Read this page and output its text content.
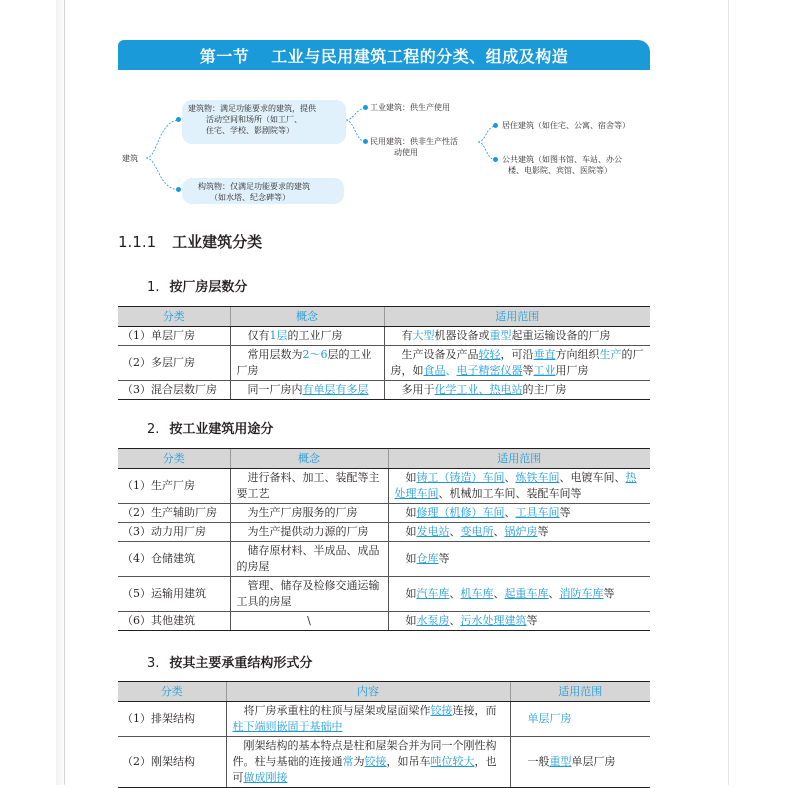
第一节 工业与民用建筑工程的分类、组成及构造
建筑
建筑物：满足功能要求的建筑，提供
活动空间和场所（如工厂、
住宅、学校、影剧院等）
构筑物：仅满足功能要求的建筑
（如水塔、纪念碑等）
工业建筑：供生产使用
民用建筑：供非生产性活
动使用
居住建筑（如住宅、公寓、宿舍等）
公共建筑（如图书馆、车站、办公
楼、电影院、宾馆、医院等）
1.1.1 工业建筑分类
1. 按厂房层数分
分类	概念	适用范围
（1）单层厂房	 仅有1层的工业厂房	 有大型机器设备或重型起重运输设备的厂房
（2）多层厂房	 常用层数为2～6层的工业厂房	 生产设备及产品较轻，可沿垂直方向组织生产的厂房，如食品、电子精密仪器等工业用厂房
（3）混合层数厂房	 同一厂房内有单层有多层	 多用于化学工业、热电站的主厂房
2. 按工业建筑用途分
分类	概念	适用范围
（1）生产厂房	 进行备料、加工、装配等主要工艺	 如铸工（铸造）车间、炼铁车间、电镀车间、热处理车间、机械加工车间、装配车间等
（2）生产辅助厂房	 为生产厂房服务的厂房	 如修理（机修）车间、工具车间等
（3）动力用厂房	 为生产提供动力源的厂房	 如发电站、变电所、锅炉房等
（4）仓储建筑	 储存原材料、半成品、成品的房屋	 如仓库等
（5）运输用建筑	 管理、储存及检修交通运输工具的房屋	 如汽车库、机车库、起重车库、消防车库等
（6）其他建筑	\	 如水泵房、污水处理建筑等
3. 按其主要承重结构形式分
分类	内容	适用范围
（1）排架结构	 将厂房承重柱的柱顶与屋架或屋面梁作铰接连接，而柱下端则嵌固于基础中	 单层厂房
（2）刚架结构	 刚架结构的基本特点是柱和屋架合并为同一个刚性构件。柱与基础的连接通常为铰接，如吊车吨位较大，也可做成刚接	 一般重型单层厂房
